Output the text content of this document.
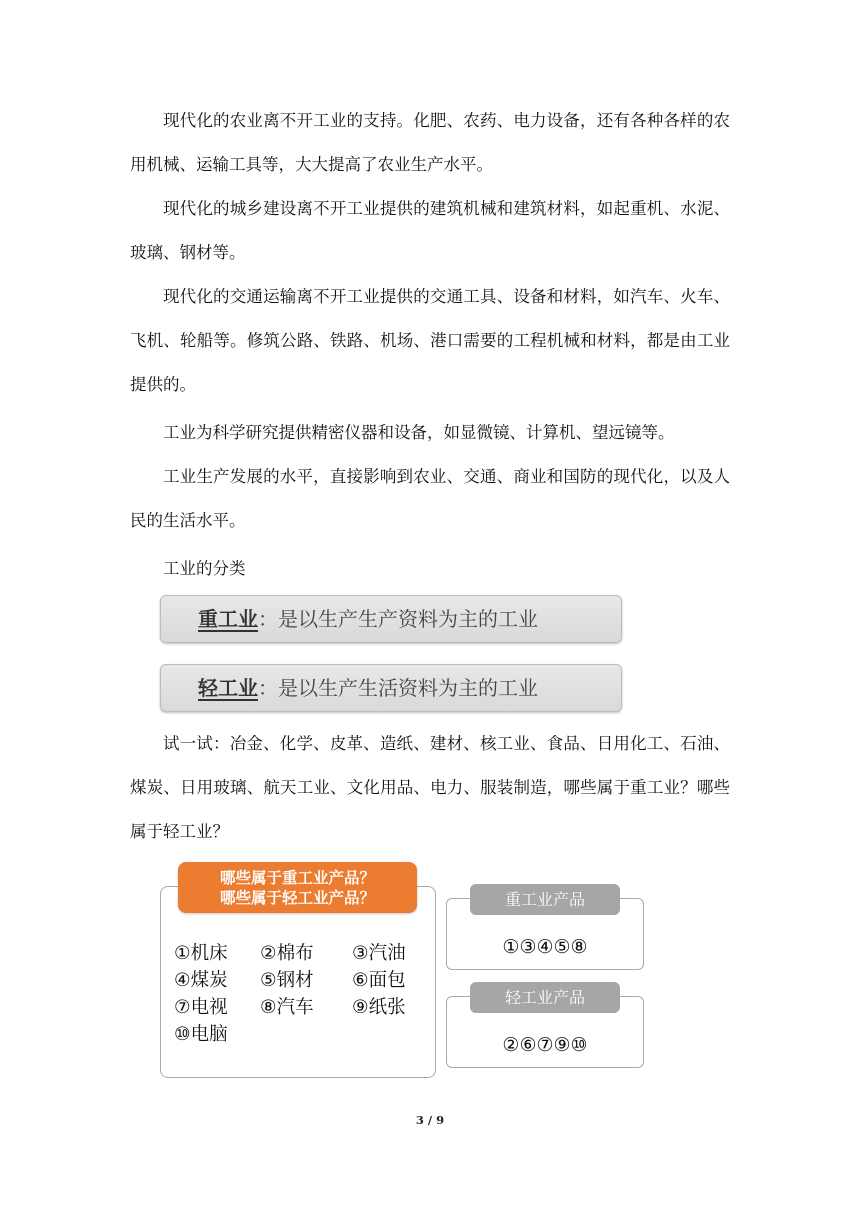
现代化的农业离不开工业的支持。化肥、农药、电力设备，还有各种各样的农用机械、运输工具等，大大提高了农业生产水平。

现代化的城乡建设离不开工业提供的建筑机械和建筑材料，如起重机、水泥、玻璃、钢材等。

现代化的交通运输离不开工业提供的交通工具、设备和材料，如汽车、火车、飞机、轮船等。修筑公路、铁路、机场、港口需要的工程机械和材料，都是由工业提供的。

工业为科学研究提供精密仪器和设备，如显微镜、计算机、望远镜等。

工业生产发展的水平，直接影响到农业、交通、商业和国防的现代化，以及人民的生活水平。

工业的分类

重工业：是以生产生产资料为主的工业
轻工业：是以生产生活资料为主的工业

试一试：冶金、化学、皮革、造纸、建材、核工业、食品、日用化工、石油、煤炭、日用玻璃、航天工业、文化用品、电力、服装制造，哪些属于重工业？哪些属于轻工业？

哪些属于重工业产品？
哪些属于轻工业产品？
①机床	②棉布	③汽油
④煤炭	⑤钢材	⑥面包
⑦电视	⑧汽车	⑨纸张
⑩电脑
①③④⑤⑧
重工业产品
②⑥⑦⑨⑩
轻工业产品
3 / 9
